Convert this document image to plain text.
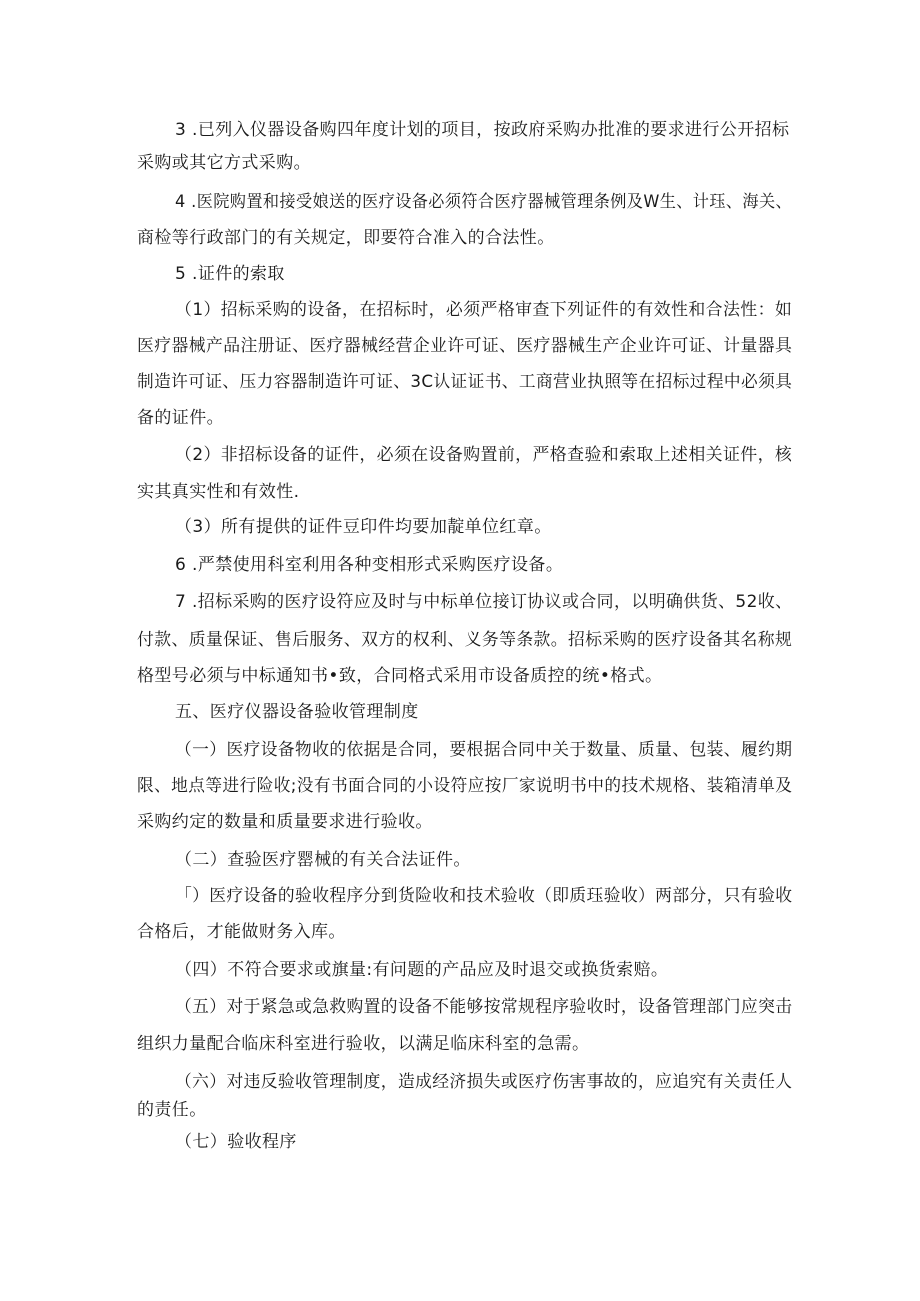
3 .已列入仪器设备购四年度计划的项目，按政府采购办批准的要求进行公开招标
采购或其它方式采购。
4 .医院购置和接受娘送的医疗设备必须符合医疗器械管理条例及W生、计珏、海关、
商检等行政部门的有关规定，即要符合准入的合法性。
5 .证件的索取
（1）招标采购的设备，在招标时，必须严格审查下列证件的有效性和合法性：如
医疗器械产品注册证、医疗器械经营企业许可证、医疗器械生产企业许可证、计量器具
制造许可证、压力容器制造许可证、3C认证证书、工商营业执照等在招标过程中必须具
备的证件。
（2）非招标设备的证件，必须在设备购置前，严格查验和索取上述相关证件，核
实其真实性和有效性.
（3）所有提供的证件豆印件均要加靛单位红章。
6 .严禁使用科室利用各种变相形式采购医疗设备。
7 .招标采购的医疗设符应及时与中标单位接订协议或合同，以明确供货、52收、
付款、质量保证、售后服务、双方的权利、义务等条款。招标采购的医疗设备其名称规
格型号必须与中标通知书•致，合同格式采用市设备质控的统•格式。
五、医疗仪器设备验收管理制度
（一）医疗设备物收的依据是合同，要根据合同中关于数量、质量、包装、履约期
限、地点等进行险收;没有书面合同的小设符应按厂家说明书中的技术规格、装箱清单及
采购约定的数量和质量要求进行验收。
（二）查验医疗罂械的有关合法证件。
「）医疗设备的验收程序分到货险收和技术验收（即质珏验收）两部分，只有验收
合格后，才能做财务入库。
（四）不符合要求或旗量:有问题的产品应及时退交或换货索赔。
（五）对于紧急或急救购置的设备不能够按常规程序验收时，设备管理部门应突击
组织力量配合临床科室进行验收，以满足临床科室的急需。
（六）对违反验收管理制度，造成经济损失或医疗伤害事故的，应追究有关责任人
的责任。
（七）验收程序
